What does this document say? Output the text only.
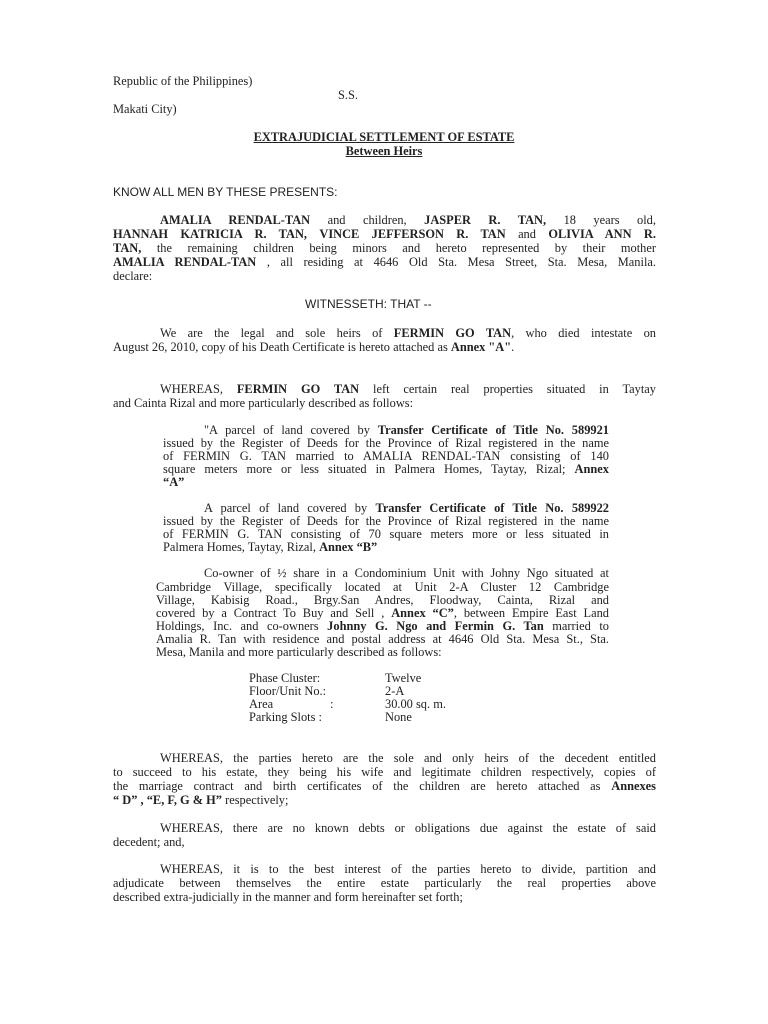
Republic of the Philippines)
S.S.
Makati City)
EXTRAJUDICIAL SETTLEMENT OF ESTATE
Between Heirs
KNOW ALL MEN BY THESE PRESENTS:
AMALIA RENDAL-TAN and children, JASPER R. TAN, 18 years old,
HANNAH KATRICIA R. TAN, VINCE JEFFERSON R. TAN and OLIVIA ANN R.
TAN, the remaining children being minors and hereto represented by their mother
AMALIA RENDAL-TAN , all residing at 4646 Old Sta. Mesa Street, Sta. Mesa, Manila.
declare:
WITNESSETH: THAT --
We are the legal and sole heirs of FERMIN GO TAN, who died intestate on
August 26, 2010, copy of his Death Certificate is hereto attached as Annex "A".
WHEREAS, FERMIN GO TAN left certain real properties situated in Taytay
and Cainta Rizal and more particularly described as follows:
"A parcel of land covered by Transfer Certificate of Title No. 589921
issued by the Register of Deeds for the Province of Rizal registered in the name
of FERMIN G. TAN married to AMALIA RENDAL-TAN consisting of 140
square meters more or less situated in Palmera Homes, Taytay, Rizal; Annex
“A”
A parcel of land covered by Transfer Certificate of Title No. 589922
issued by the Register of Deeds for the Province of Rizal registered in the name
of FERMIN G. TAN consisting of 70 square meters more or less situated in
Palmera Homes, Taytay, Rizal, Annex “B”
Co-owner of ½ share in a Condominium Unit with Johny Ngo situated at
Cambridge Village, specifically located at Unit 2-A Cluster 12 Cambridge
Village, Kabisig Road., Brgy.San Andres, Floodway, Cainta, Rizal and
covered by a Contract To Buy and Sell , Annex “C”, between Empire East Land
Holdings, Inc. and co-owners Johnny G. Ngo and Fermin G. Tan married to
Amalia R. Tan with residence and postal address at 4646 Old Sta. Mesa St., Sta.
Mesa, Manila and more particularly described as follows:
Phase Cluster:	Twelve
Floor/Unit No.:	2-A
Area	:	30.00 sq. m.
Parking Slots :	None
WHEREAS, the parties hereto are the sole and only heirs of the decedent entitled
to succeed to his estate, they being his wife and legitimate children respectively, copies of
the marriage contract and birth certificates of the children are hereto attached as Annexes
“ D” , “E, F, G & H” respectively;
WHEREAS, there are no known debts or obligations due against the estate of said
decedent; and,
WHEREAS, it is to the best interest of the parties hereto to divide, partition and
adjudicate between themselves the entire estate particularly the real properties above
described extra-judicially in the manner and form hereinafter set forth;
